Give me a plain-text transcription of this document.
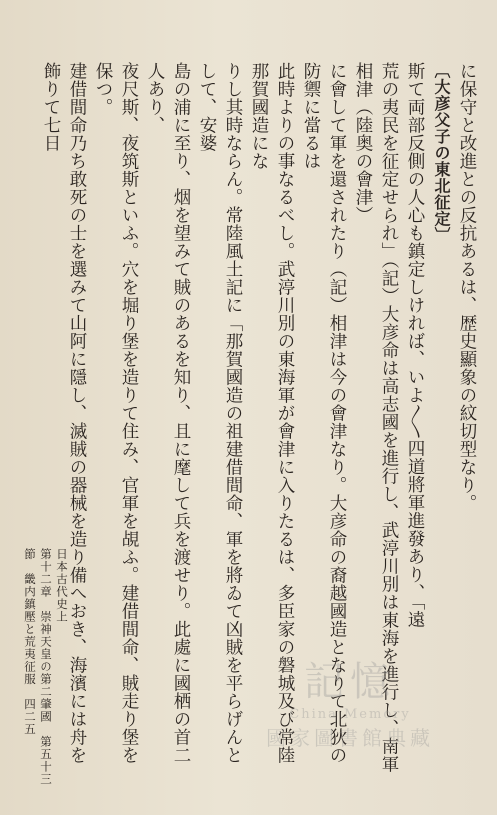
に保守と改進との反抗あるは、歴史顯象の紋切型なり。
〔大彦父子の東北征定〕
斯て両部反側の人心も鎮定しければ、いよ〳〵四道將軍進發あり、「遠
荒の夷民を征定せられ」（記）大彦命は高志國を進行し、武渟川別は東海を進行し、南軍相津（陸奥の會津）
に會して軍を還されたり（記）相津は今の會津なり。大彦命の裔越國造となりて北狄の防禦に當るは
此時よりの事なるべし。武渟川別の東海軍が會津に入りたるは、多臣家の磐城及び常陸那賀國造にな
りし其時ならん。常陸風土記に「那賀國造の祖建借間命、軍を將ゐて凶賊を平らげんとして、安婆
島の浦に至り、烟を望みて賊のあるを知り、且に麾して兵を渡せり。此處に國栖の首二人あり、
夜尺斯、夜筑斯といふ。穴を堀り堡を造りて住み、官軍を覘ふ。建借間命、賊走り堡を保つ。
建借間命乃ち敢死の士を選みて山阿に隱し、滅賊の器械を造り備へおき、海濱には舟を飾りて七日
日本古代史上
第十二章　崇神天皇の第二肇國　第五十三節　畿内鎮壓と荒夷征服　四二五	記憶
China Memory
國家圖書館典藏
